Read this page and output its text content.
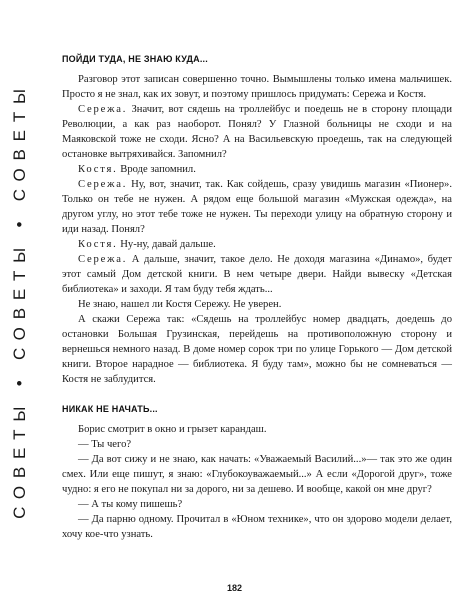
СОВЕТЫ • СОВЕТЫ • СОВЕТЫ
ПОЙДИ ТУДА, НЕ ЗНАЮ КУДА...

Разговор этот записан совершенно точно. Вымышлены только имена мальчишек. Просто я не знал, как их зовут, и поэтому пришлось придумать: Сережа и Костя.

Сережа. Значит, вот сядешь на троллейбус и поедешь не в сторону площади Революции, а как раз наоборот. Понял? У Глазной больницы не сходи и на Маяковской тоже не сходи. Ясно? А на Васильевскую проедешь, так на следующей остановке вытряхивайся. Запомнил?

Костя. Вроде запомнил.

Сережа. Ну, вот, значит, так. Как сойдешь, сразу увидишь магазин «Пионер». Только он тебе не нужен. А рядом еще большой магазин «Мужская одежда», на другом углу, но этот тебе тоже не нужен. Ты переходи улицу на обратную сторону и иди назад. Понял?

Костя. Ну-ну, давай дальше.

Сережа. А дальше, значит, такое дело. Не доходя магазина «Динамо», будет этот самый Дом детской книги. В нем четыре двери. Найди вывеску «Детская библиотека» и заходи. Я там буду тебя ждать...

Не знаю, нашел ли Костя Сережу. Не уверен.

А скажи Сережа так: «Сядешь на троллейбус номер двадцать, доедешь до остановки Большая Грузинская, перейдешь на противоположную сторону и вернешься немного назад. В доме номер сорок три по улице Горького — Дом детской книги. Второе нарадное — библиотека. Я буду там», можно бы не сомневаться — Костя не заблудится.

НИКАК НЕ НАЧАТЬ...

Борис смотрит в окно и грызет карандаш.

— Ты чего?

— Да вот сижу и не знаю, как начать: «Уважаемый Василий...»— так это же один смех. Или еще пишут, я знаю: «Глубокоуважаемый...» А если «Дорогой друг», тоже чудно: я его не покупал ни за дорого, ни за дешево. И вообще, какой он мне друг?

— А ты кому пишешь?

— Да парню одному. Прочитал в «Юном технике», что он здорово модели делает, хочу кое-что узнать.

182
